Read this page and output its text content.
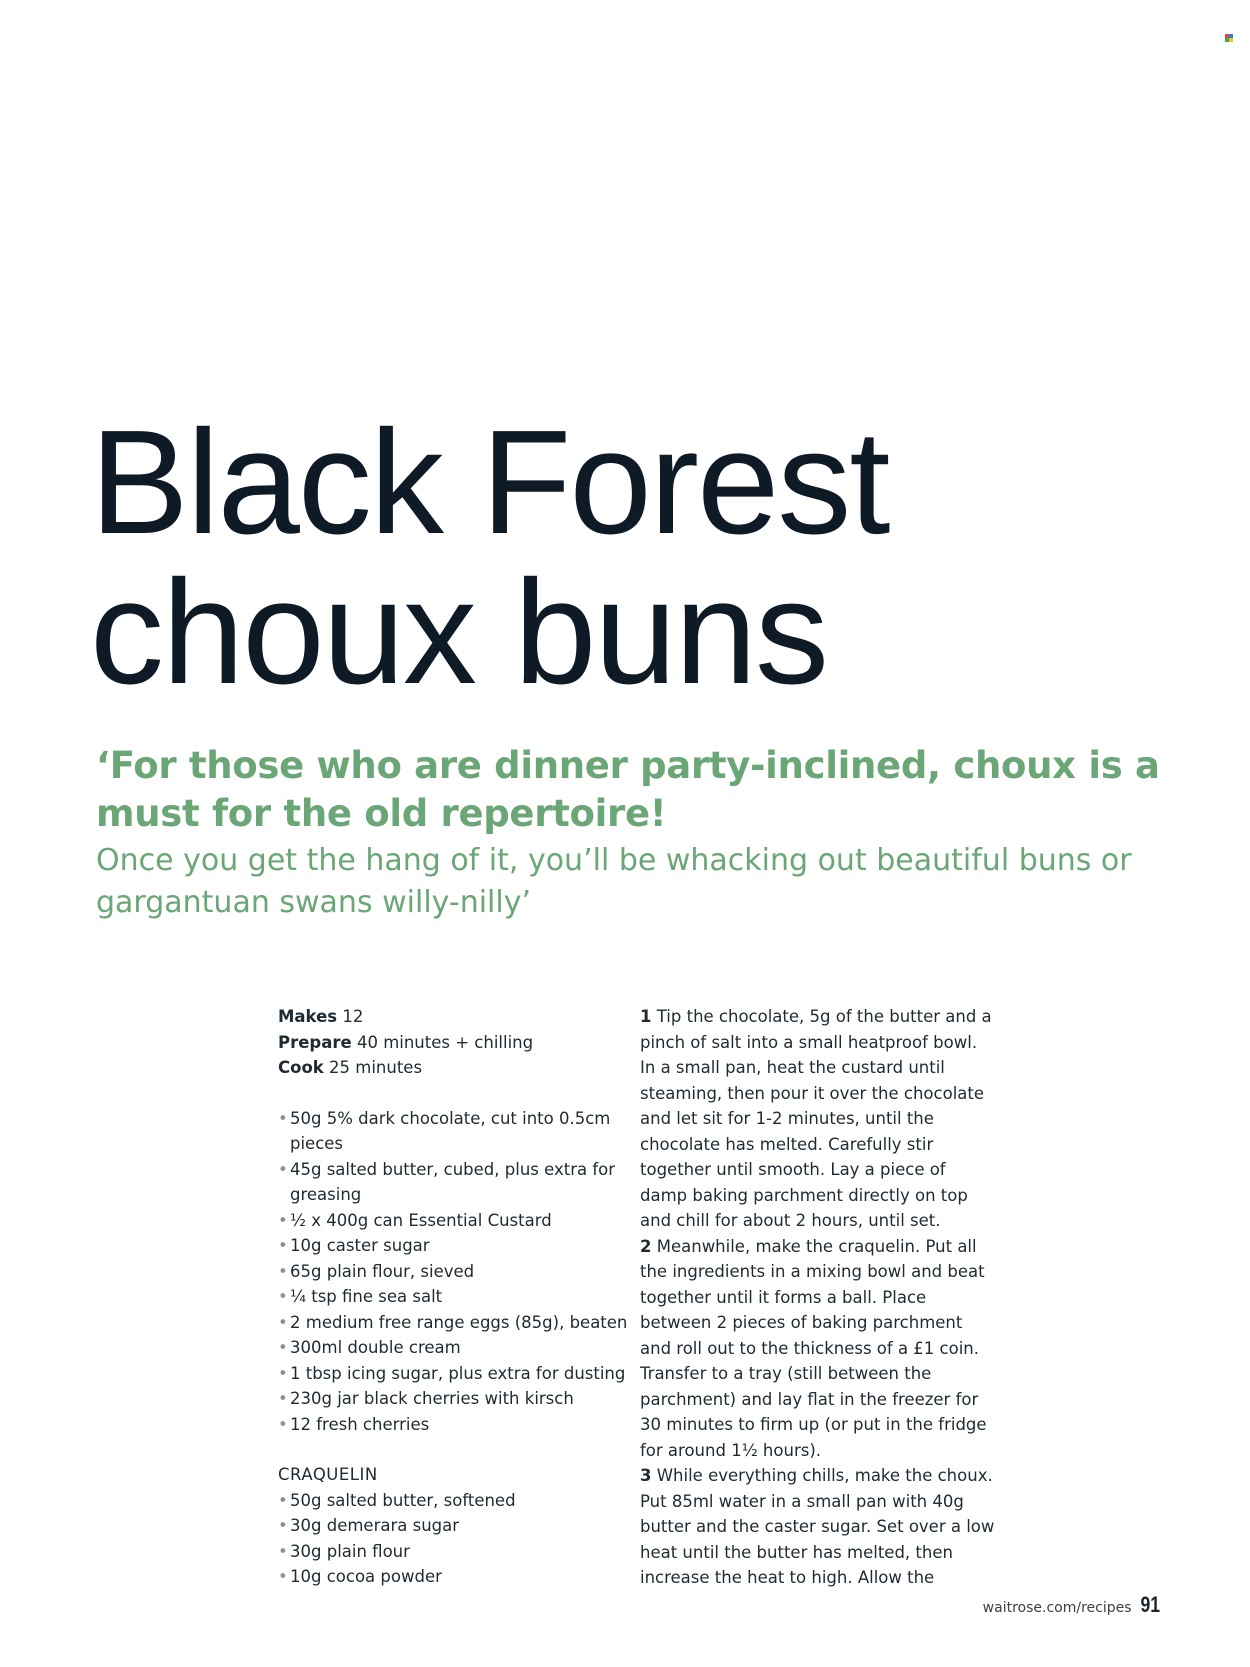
Black Forest
choux buns

‘For those who are dinner party-inclined, choux is a must for the old repertoire!
Once you get the hang of it, you’ll be whacking out beautiful buns or gargantuan swans willy-nilly’

Makes 12
Prepare 40 minutes + chilling
Cook 25 minutes
• 50g 5% dark chocolate, cut into 0.5cm pieces
• 45g salted butter, cubed, plus extra for greasing
• ½ x 400g can Essential Custard
• 10g caster sugar
• 65g plain flour, sieved
• ¼ tsp fine sea salt
• 2 medium free range eggs (85g), beaten
• 300ml double cream
• 1 tbsp icing sugar, plus extra for dusting
• 230g jar black cherries with kirsch
• 12 fresh cherries
CRAQUELIN
• 50g salted butter, softened
• 30g demerara sugar
• 30g plain flour
• 10g cocoa powder
1 Tip the chocolate, 5g of the butter and a pinch of salt into a small heatproof bowl. In a small pan, heat the custard until steaming, then pour it over the chocolate and let sit for 1-2 minutes, until the chocolate has melted. Carefully stir together until smooth. Lay a piece of damp baking parchment directly on top and chill for about 2 hours, until set.
2 Meanwhile, make the craquelin. Put all the ingredients in a mixing bowl and beat together until it forms a ball. Place between 2 pieces of baking parchment and roll out to the thickness of a £1 coin. Transfer to a tray (still between the parchment) and lay flat in the freezer for 30 minutes to firm up (or put in the fridge for around 1½ hours).
3 While everything chills, make the choux. Put 85ml water in a small pan with 40g butter and the caster sugar. Set over a low heat until the butter has melted, then increase the heat to high. Allow the
waitrose.com/recipes 91
